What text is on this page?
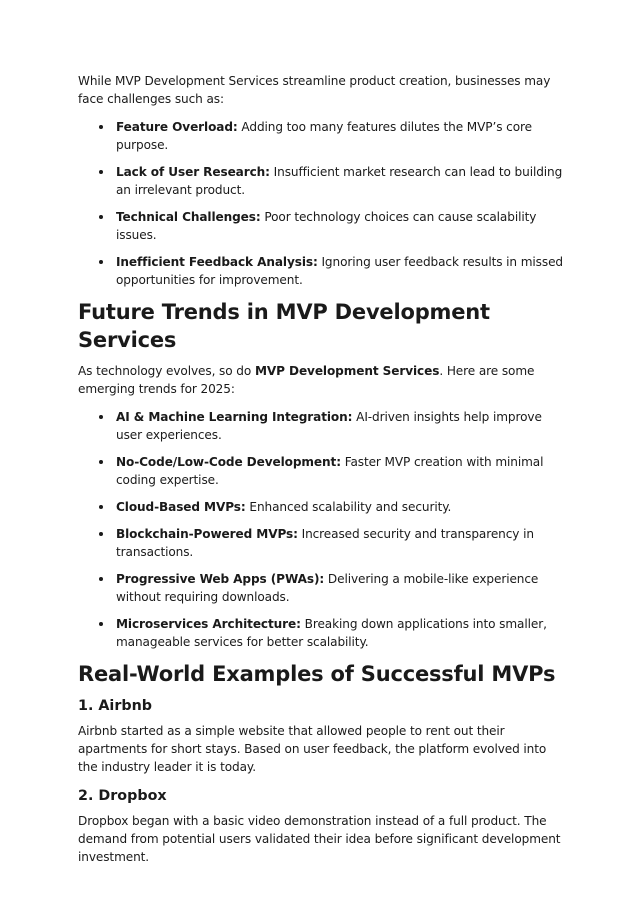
While MVP Development Services streamline product creation, businesses may face challenges such as:

Feature Overload: Adding too many features dilutes the MVP’s core purpose.
Lack of User Research: Insufficient market research can lead to building an irrelevant product.
Technical Challenges: Poor technology choices can cause scalability issues.
Inefficient Feedback Analysis: Ignoring user feedback results in missed opportunities for improvement.
Future Trends in MVP Development Services

As technology evolves, so do MVP Development Services. Here are some emerging trends for 2025:

AI & Machine Learning Integration: AI-driven insights help improve user experiences.
No-Code/Low-Code Development: Faster MVP creation with minimal coding expertise.
Cloud-Based MVPs: Enhanced scalability and security.
Blockchain-Powered MVPs: Increased security and transparency in transactions.
Progressive Web Apps (PWAs): Delivering a mobile-like experience without requiring downloads.
Microservices Architecture: Breaking down applications into smaller, manageable services for better scalability.
Real-World Examples of Successful MVPs
1. Airbnb

Airbnb started as a simple website that allowed people to rent out their apartments for short stays. Based on user feedback, the platform evolved into the industry leader it is today.

2. Dropbox

Dropbox began with a basic video demonstration instead of a full product. The demand from potential users validated their idea before significant development investment.
